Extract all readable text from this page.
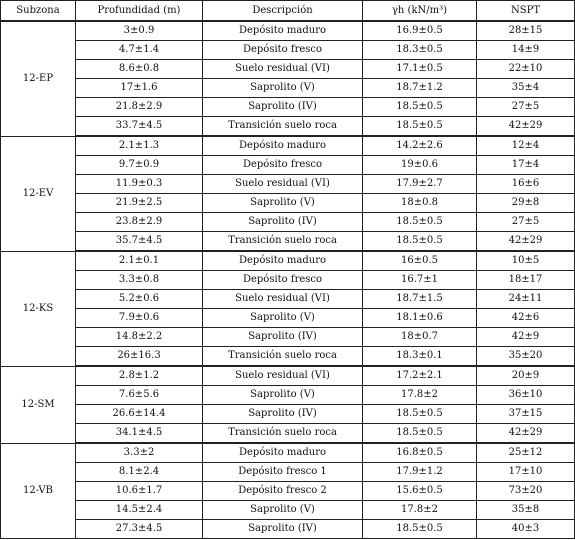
Subzona	Profundidad (m)	Descripción	γh (kN/m³)	NSPT
12-EP	3±0.9	Depósito maduro	16.9±0.5	28±15
	4.7±1.4	Depósito fresco	18.3±0.5	14±9
	8.6±0.8	Suelo residual (VI)	17.1±0.5	22±10
	17±1.6	Saprolito (V)	18.7±1.2	35±4
	21.8±2.9	Saprolito (IV)	18.5±0.5	27±5
	33.7±4.5	Transición suelo roca	18.5±0.5	42±29
12-EV	2.1±1.3	Depósito maduro	14.2±2.6	12±4
	9.7±0.9	Depósito fresco	19±0.6	17±4
	11.9±0.3	Suelo residual (VI)	17.9±2.7	16±6
	21.9±2.5	Saprolito (V)	18±0.8	29±8
	23.8±2.9	Saprolito (IV)	18.5±0.5	27±5
	35.7±4.5	Transición suelo roca	18.5±0.5	42±29
12-KS	2.1±0.1	Depósito maduro	16±0.5	10±5
	3.3±0.8	Depósito fresco	16.7±1	18±17
	5.2±0.6	Suelo residual (VI)	18.7±1.5	24±11
	7.9±0.6	Saprolito (V)	18.1±0.6	42±6
	14.8±2.2	Saprolito (IV)	18±0.7	42±9
	26±16.3	Transición suelo roca	18.3±0.1	35±20
12-SM	2.8±1.2	Suelo residual (VI)	17.2±2.1	20±9
	7.6±5.6	Saprolito (V)	17.8±2	36±10
	26.6±14.4	Saprolito (IV)	18.5±0.5	37±15
	34.1±4.5	Transición suelo roca	18.5±0.5	42±29
12-VB	3.3±2	Depósito maduro	16.8±0.5	25±12
	8.1±2.4	Depósito fresco 1	17.9±1.2	17±10
	10.6±1.7	Depósito fresco 2	15.6±0.5	73±20
	14.5±2.4	Saprolito (V)	17.8±2	35±8
	27.3±4.5	Saprolito (IV)	18.5±0.5	40±3
